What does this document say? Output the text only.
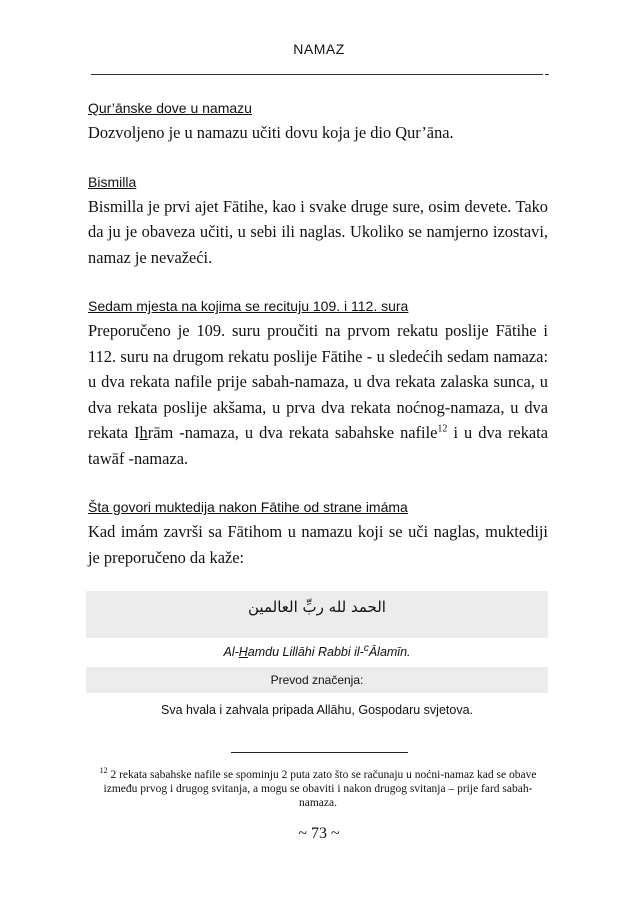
NAMAZ

Qur’ānske dove u namazu

Dozvoljeno je u namazu učiti dovu koja je dio Qur’āna.

Bismilla

Bismilla je prvi ajet Fātihe, kao i svake druge sure, osim devete. Tako da ju je obaveza učiti, u sebi ili naglas. Ukoliko se namjerno izostavi, namaz je nevažeći.

Sedam mjesta na kojima se recituju 109. i 112. sura

Preporučeno je 109. suru proučiti na prvom rekatu poslije Fātihe i 112. suru na drugom rekatu poslije Fātihe - u sledećih sedam namaza: u dva rekata nafile prije sabah-namaza, u dva rekata zalaska sunca, u dva rekata poslije akšama, u prva dva rekata noćnog-namaza, u dva rekata Ihrām -namaza, u dva rekata sabahske nafile$^{12}$ i u dva rekata tawāf -namaza.

Šta govori muktedija nakon Fātihe od strane imáma

Kad imám završi sa Fātihom u namazu koji se uči naglas, muktediji je preporučeno da kaže:

الحمد لله ربِّ العالمين
Al-Hamdu Lillāhi Rabbi il-$^c$Ālamīn.
Prevod značenja:
Sva hvala i zahvala pripada Allāhu, Gospodaru svjetova.
$^{12}$ 2 rekata sabahske nafile se spominju 2 puta zato što se računaju u noćni-namaz kad se obave između prvog i drugog svitanja, a mogu se obaviti i nakon drugog svitanja – prije fard sabah-namaza.
~ 73 ~
